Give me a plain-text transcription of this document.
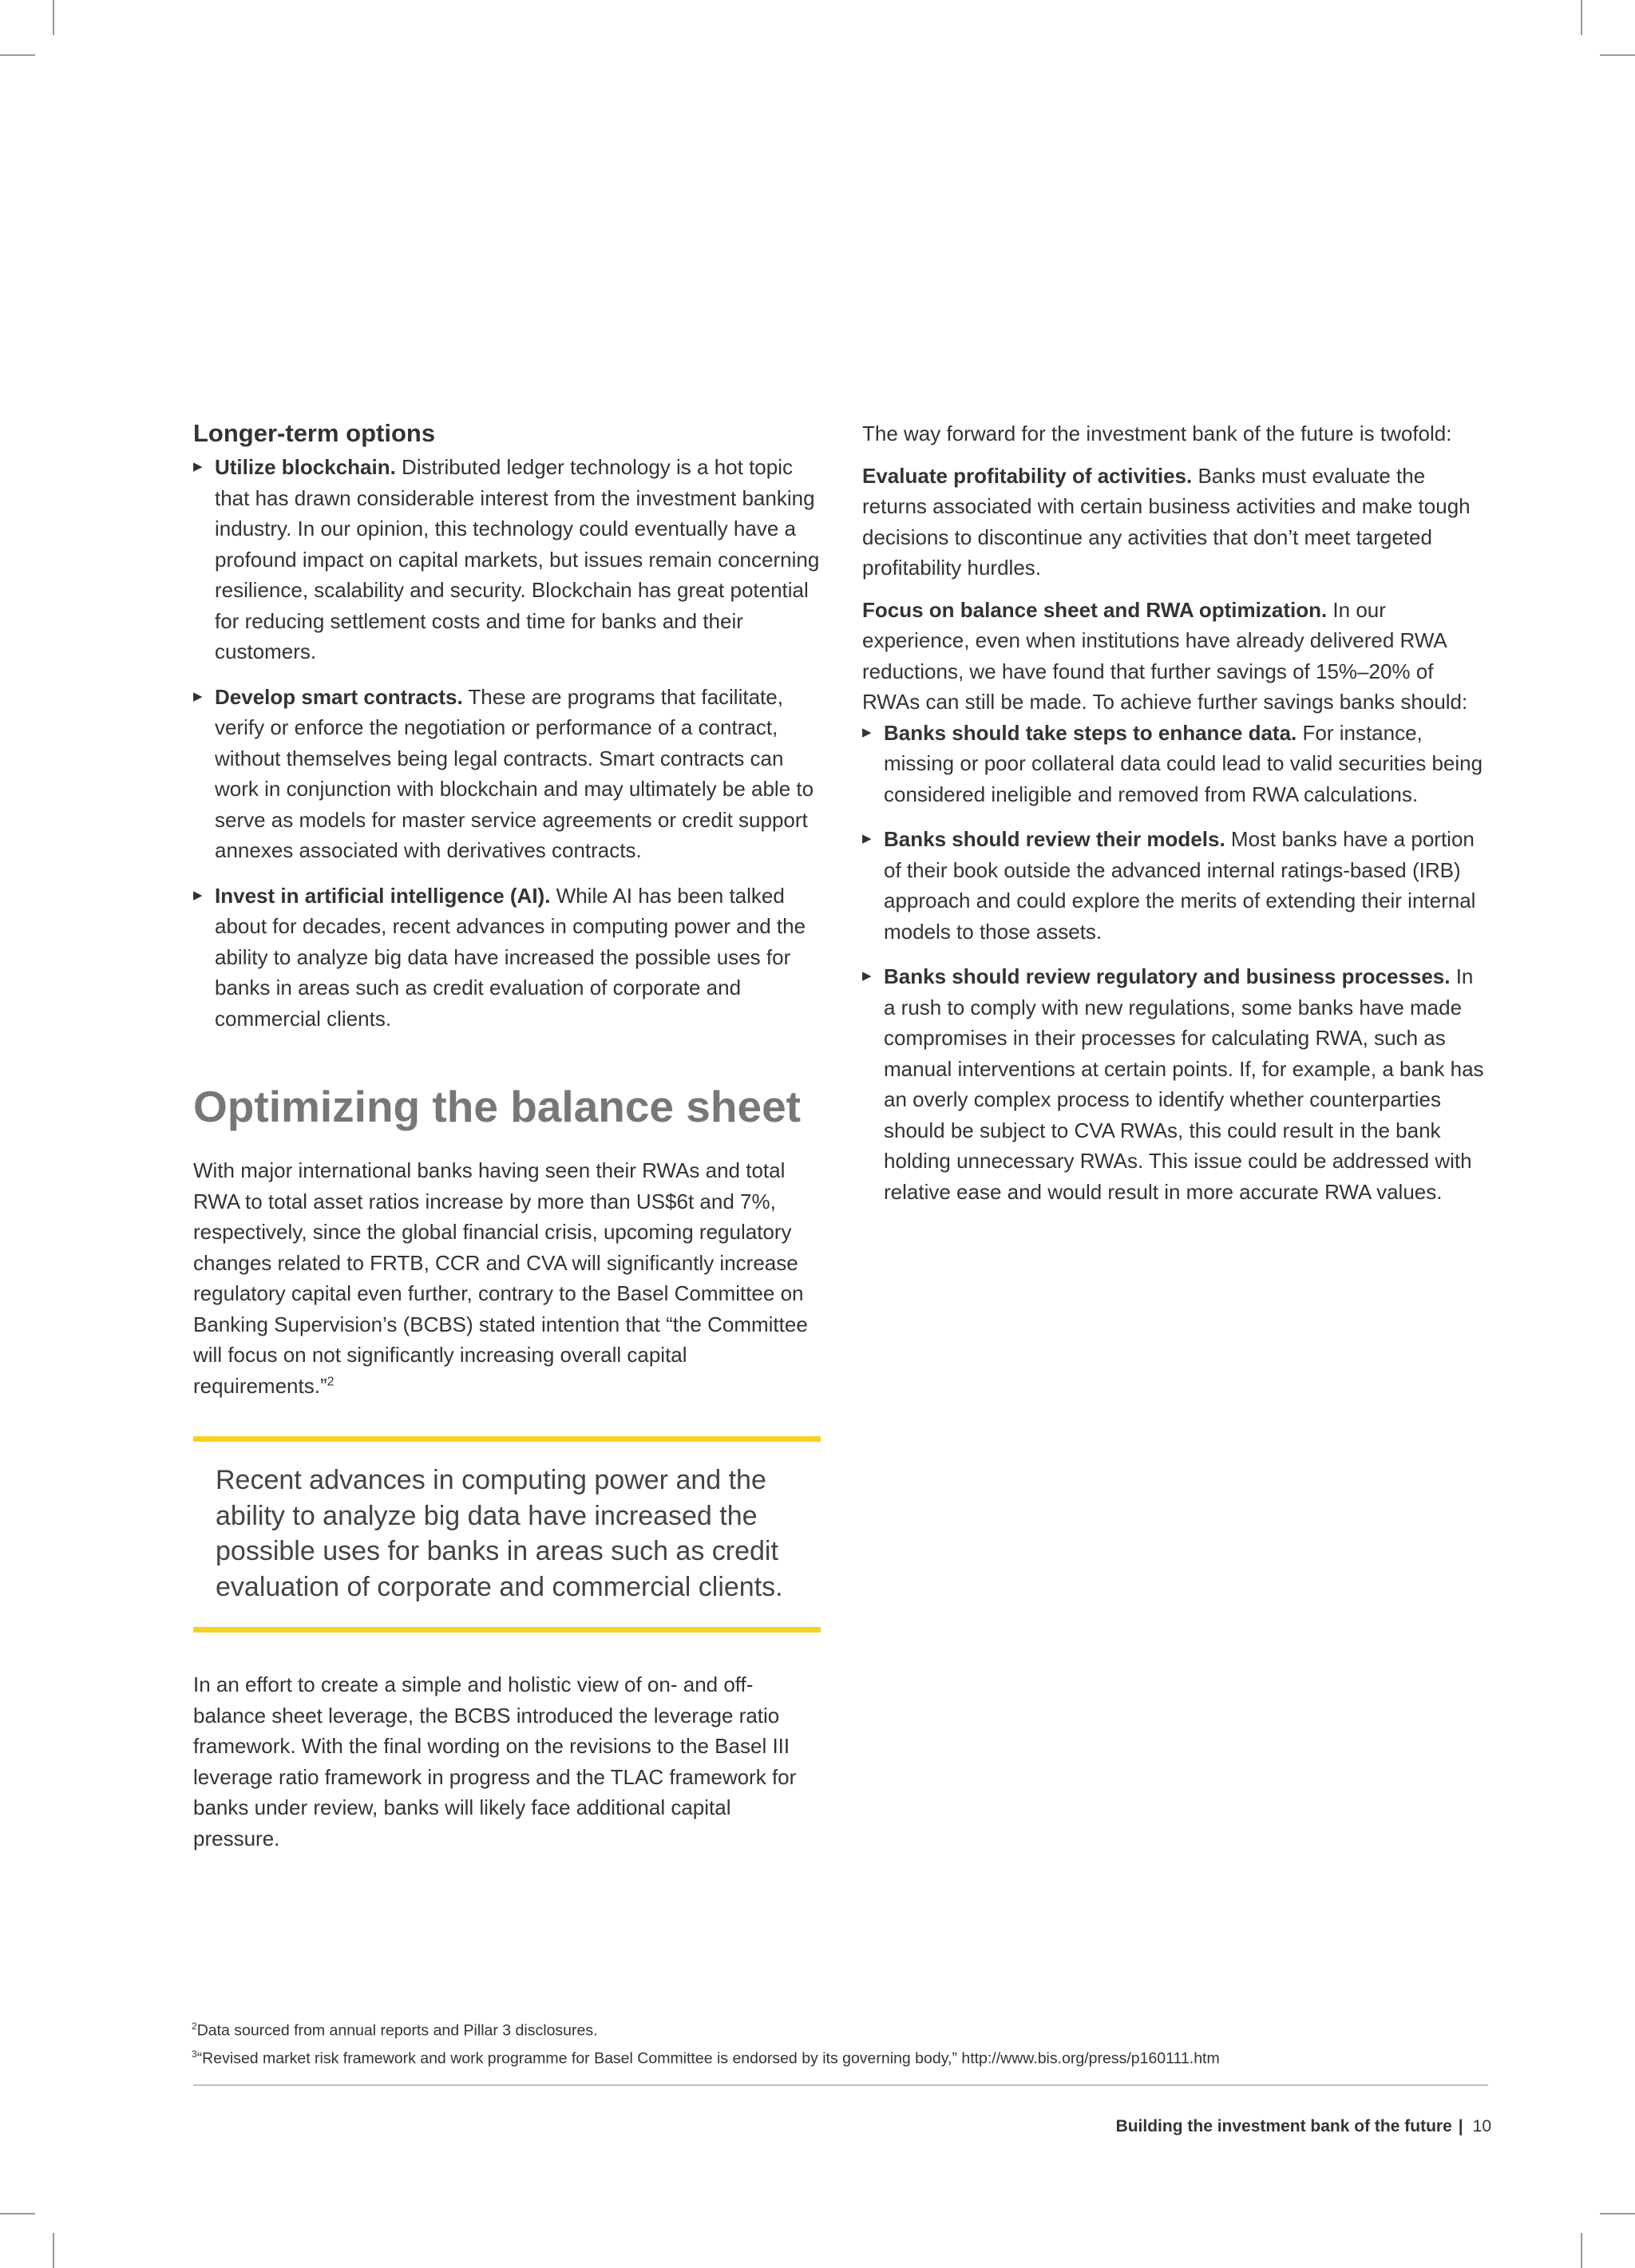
Longer-term options
▶ Utilize blockchain. Distributed ledger technology is a hot topic that has drawn considerable interest from the investment banking industry. In our opinion, this technology could eventually have a profound impact on capital markets, but issues remain concerning resilience, scalability and security. Blockchain has great potential for reducing settlement costs and time for banks and their customers.
▶ Develop smart contracts. These are programs that facilitate, verify or enforce the negotiation or performance of a contract, without themselves being legal contracts. Smart contracts can work in conjunction with blockchain and may ultimately be able to serve as models for master service agreements or credit support annexes associated with derivatives contracts.
▶ Invest in artificial intelligence (AI). While AI has been talked about for decades, recent advances in computing power and the ability to analyze big data have increased the possible uses for banks in areas such as credit evaluation of corporate and commercial clients.
Optimizing the balance sheet

With major international banks having seen their RWAs and total RWA to total asset ratios increase by more than US$6t and 7%, respectively, since the global financial crisis, upcoming regulatory changes related to FRTB, CCR and CVA will significantly increase regulatory capital even further, contrary to the Basel Committee on Banking Supervision’s (BCBS) stated intention that “the Committee will focus on not significantly increasing overall capital requirements.”$^2$

Recent advances in computing power and the ability to analyze big data have increased the possible uses for banks in areas such as credit evaluation of corporate and commercial clients.

In an effort to create a simple and holistic view of on- and off-balance sheet leverage, the BCBS introduced the leverage ratio framework. With the final wording on the revisions to the Basel III leverage ratio framework in progress and the TLAC framework for banks under review, banks will likely face additional capital pressure.

The way forward for the investment bank of the future is twofold:

Evaluate profitability of activities. Banks must evaluate the returns associated with certain business activities and make tough decisions to discontinue any activities that don’t meet targeted profitability hurdles.

Focus on balance sheet and RWA optimization. In our experience, even when institutions have already delivered RWA reductions, we have found that further savings of 15%–20% of RWAs can still be made. To achieve further savings banks should:

▶ Banks should take steps to enhance data. For instance, missing or poor collateral data could lead to valid securities being considered ineligible and removed from RWA calculations.
▶ Banks should review their models. Most banks have a portion of their book outside the advanced internal ratings-based (IRB) approach and could explore the merits of extending their internal models to those assets.
▶ Banks should review regulatory and business processes. In a rush to comply with new regulations, some banks have made compromises in their processes for calculating RWA, such as manual interventions at certain points. If, for example, a bank has an overly complex process to identify whether counterparties should be subject to CVA RWAs, this could result in the bank holding unnecessary RWAs. This issue could be addressed with relative ease and would result in more accurate RWA values.
$^2$Data sourced from annual reports and Pillar 3 disclosures.
$^3$“Revised market risk framework and work programme for Basel Committee is endorsed by its governing body,” http://www.bis.org/press/p160111.htm
Building the investment bank of the future | 10
